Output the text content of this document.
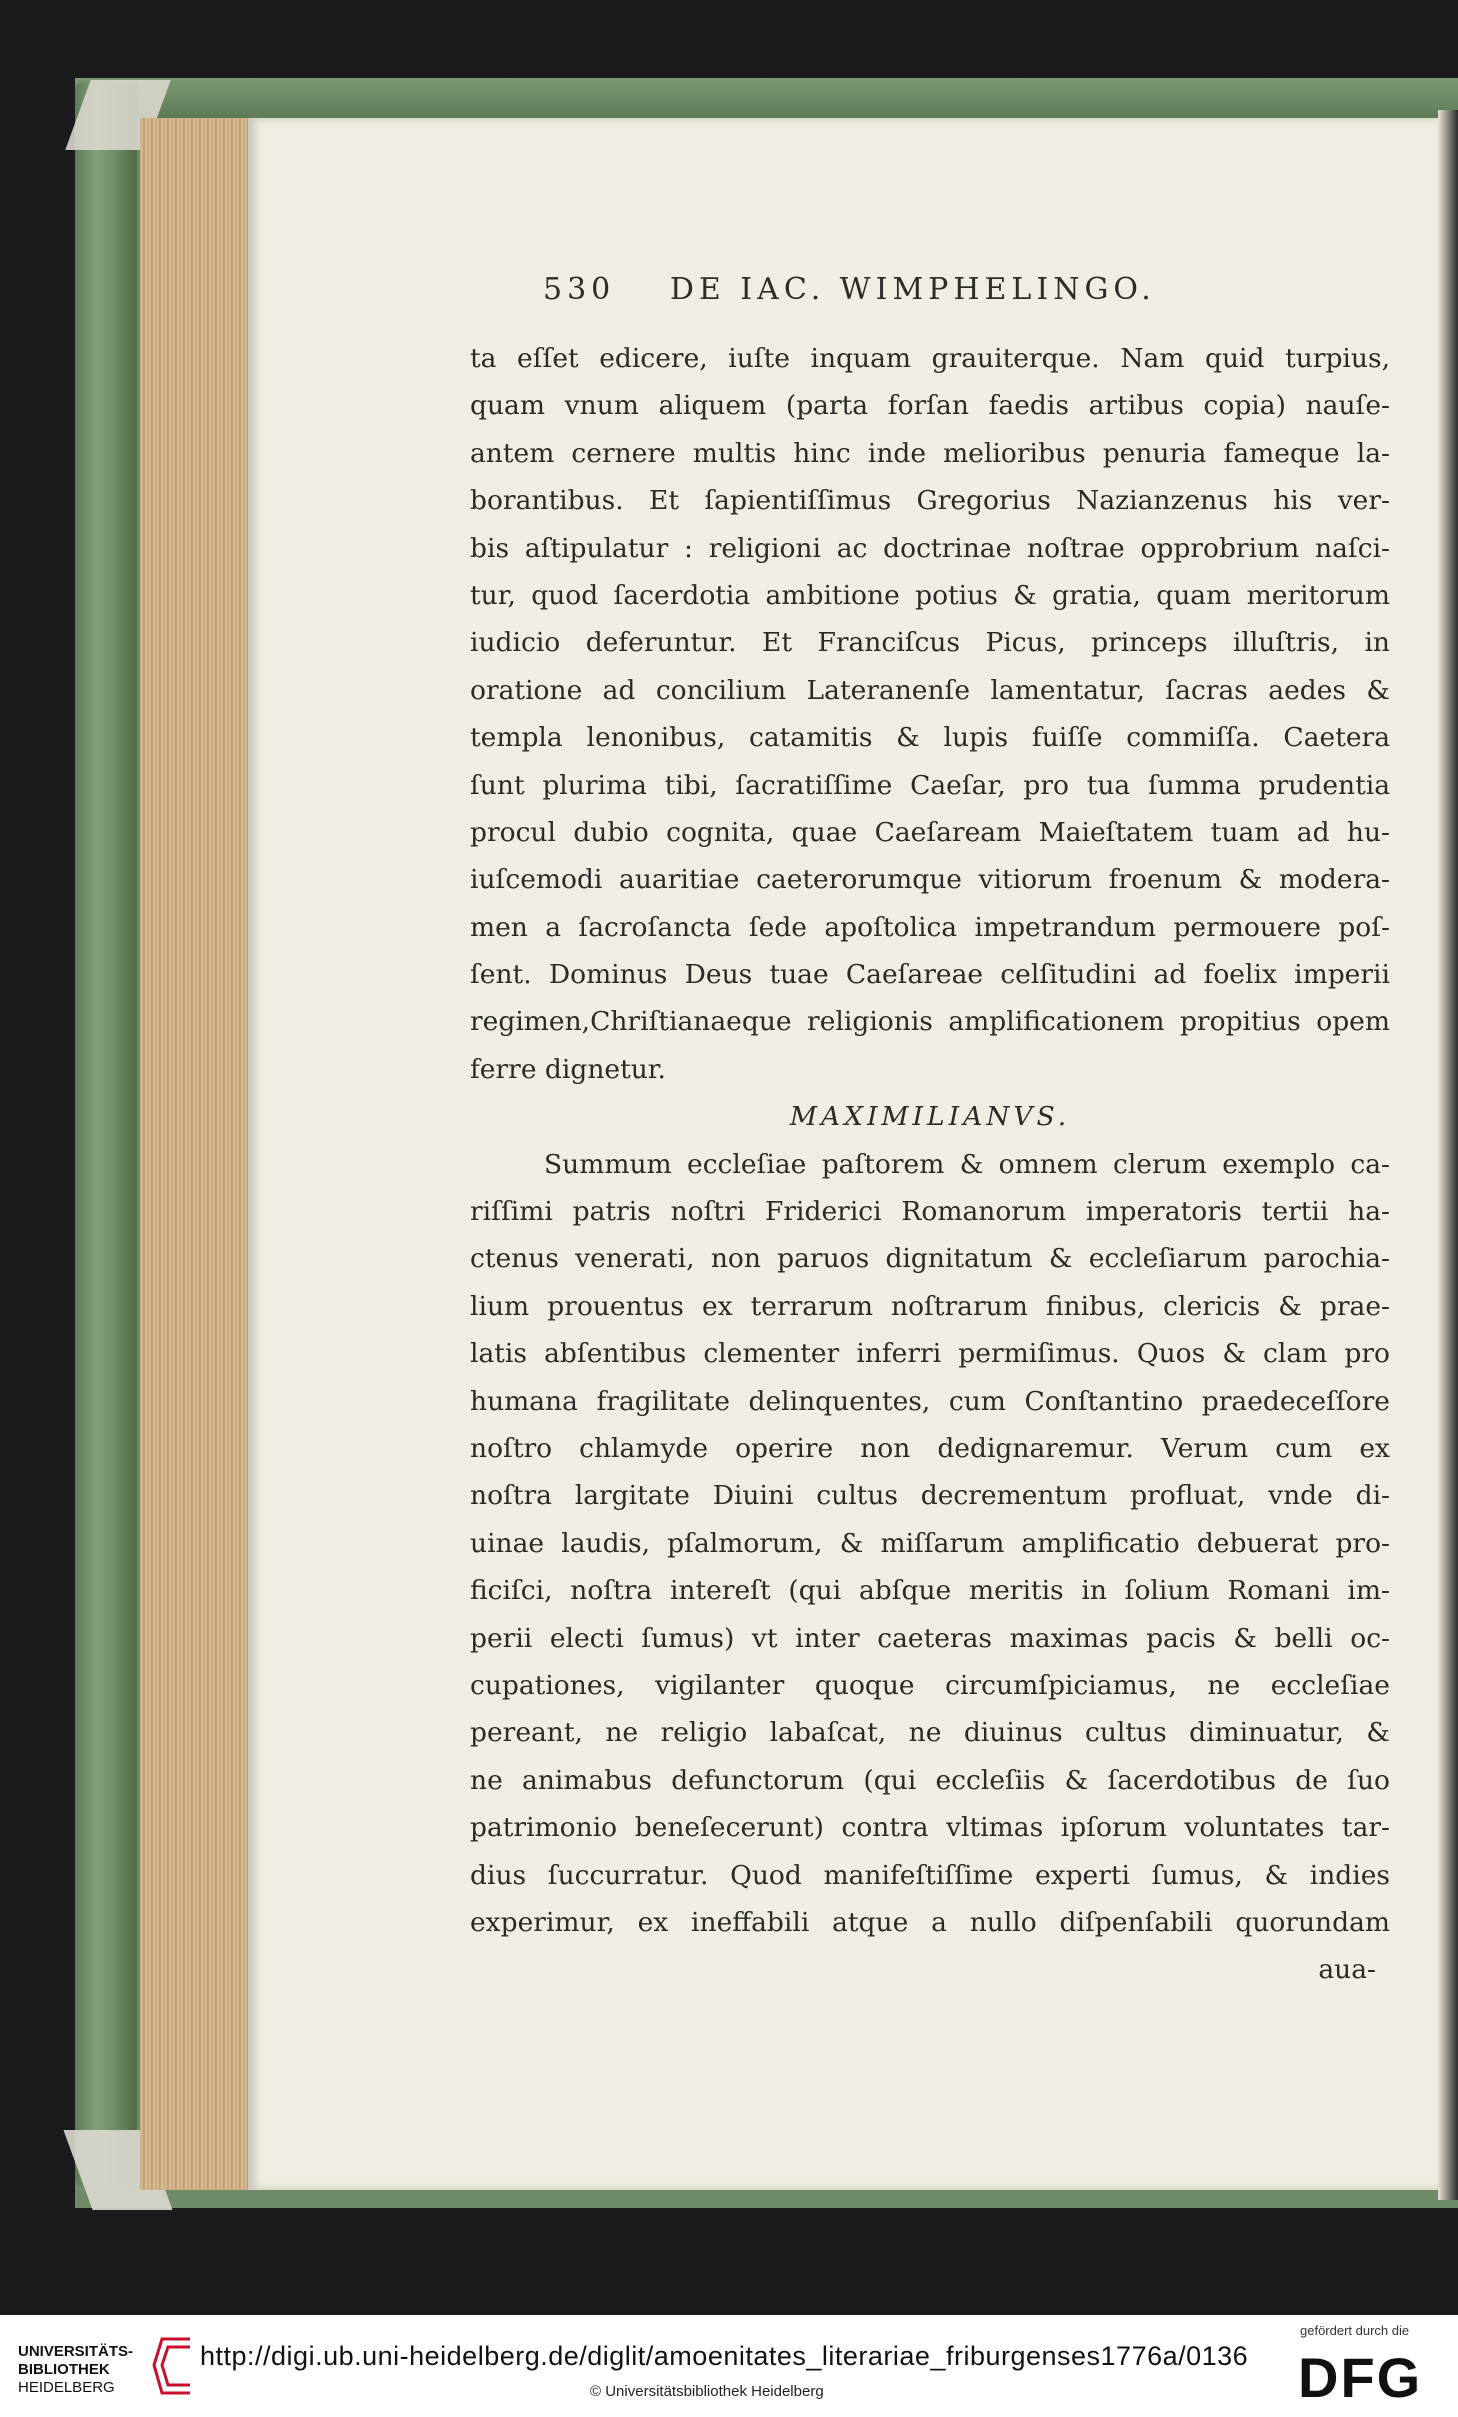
530 DE IAC. WIMPHELINGO.
ta eſſet edicere, iuſte inquam grauiterque. Nam quid turpius,
quam vnum aliquem (parta forſan faedis artibus copia) nauſe-
antem cernere multis hinc inde melioribus penuria fameque la-
borantibus. Et ſapientiſſimus Gregorius Nazianzenus his ver-
bis aſtipulatur : religioni ac doctrinae noſtrae opprobrium naſci-
tur, quod ſacerdotia ambitione potius & gratia, quam meritorum
iudicio deferuntur. Et Franciſcus Picus, princeps illuſtris, in
oratione ad concilium Lateranenſe lamentatur, ſacras aedes &
templa lenonibus, catamitis & lupis fuiſſe commiſſa. Caetera
ſunt plurima tibi, ſacratiſſime Caeſar, pro tua ſumma prudentia
procul dubio cognita, quae Caeſaream Maieſtatem tuam ad hu-
iuſcemodi auaritiae caeterorumque vitiorum froenum & modera-
men a ſacroſancta ſede apoſtolica impetrandum permouere poſ-
ſent. Dominus Deus tuae Caeſareae celſitudini ad foelix imperii
regimen,Chriſtianaeque religionis amplificationem propitius opem
ferre dignetur.
MAXIMILIANVS.
Summum eccleſiae paſtorem & omnem clerum exemplo ca-
riſſimi patris noſtri Friderici Romanorum imperatoris tertii ha-
ctenus venerati, non paruos dignitatum & eccleſiarum parochia-
lium prouentus ex terrarum noſtrarum finibus, clericis & prae-
latis abſentibus clementer inferri permiſimus. Quos & clam pro
humana fragilitate delinquentes, cum Conſtantino praedeceſſore
noſtro chlamyde operire non dedignaremur. Verum cum ex
noſtra largitate Diuini cultus decrementum profluat, vnde di-
uinae laudis, pſalmorum, & miſſarum amplificatio debuerat pro-
ficiſci, noſtra intereſt (qui abſque meritis in ſolium Romani im-
perii electi ſumus) vt inter caeteras maximas pacis & belli oc-
cupationes, vigilanter quoque circumſpiciamus, ne eccleſiae
pereant, ne religio labaſcat, ne diuinus cultus diminuatur, &
ne animabus defunctorum (qui eccleſiis & ſacerdotibus de ſuo
patrimonio beneſecerunt) contra vltimas ipſorum voluntates tar-
dius ſuccurratur. Quod manifeſtiſſime experti ſumus, & indies
experimur, ex ineffabili atque a nullo diſpenſabili quorundam
aua-
UNIVERSITÄTS-
BIBLIOTHEK
HEIDELBERG
http://digi.ub.uni-heidelberg.de/diglit/amoenitates_literariae_friburgenses1776a/0136
© Universitätsbibliothek Heidelberg
gefördert durch die
DFG
